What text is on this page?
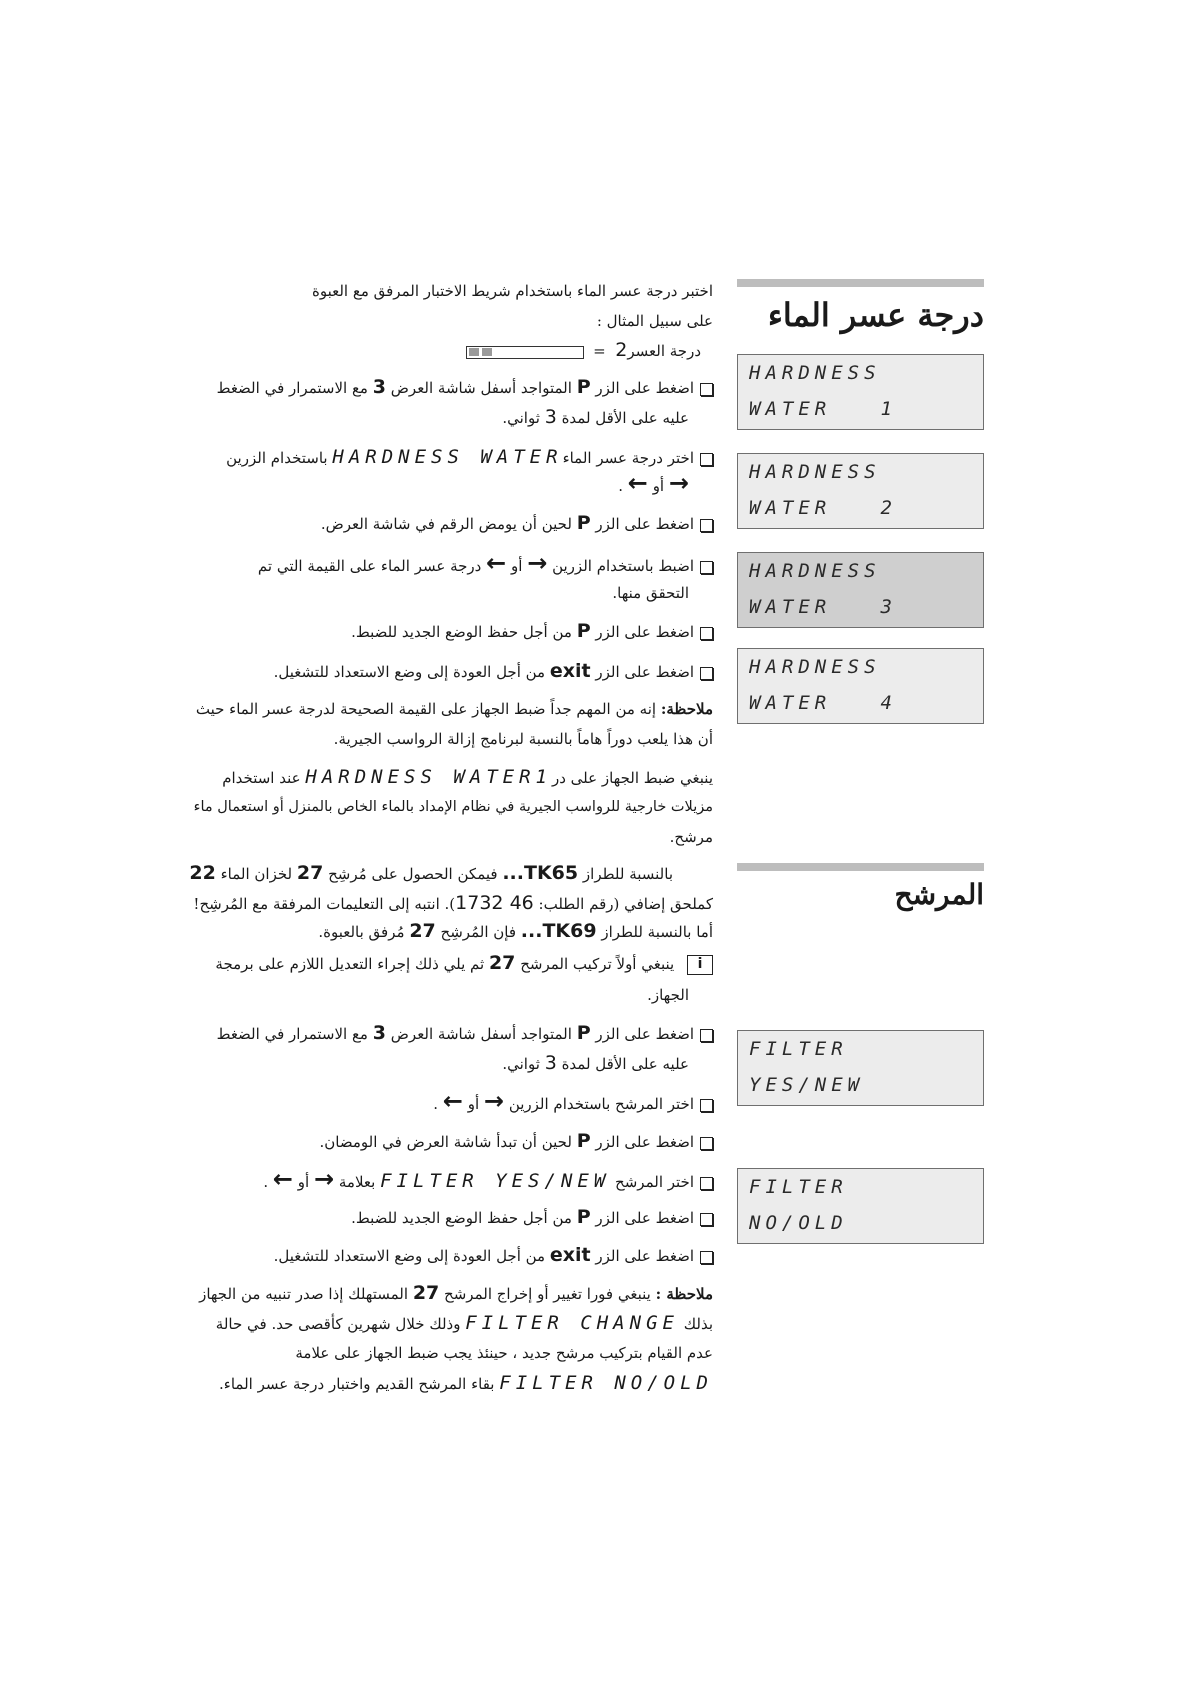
درجة عسر الماء
HARDNESS
WATER   1
HARDNESS
WATER   2
HARDNESS
WATER   3
HARDNESS
WATER   4
المرشح
FILTER
YES/NEW
FILTER
NO/OLD
اختبر درجة عسر الماء باستخدام شريط الاختبار المرفق مع العبوة
على سبيل المثال :
درجة العسر2  =
اضغط على الزر P المتواجد أسفل شاشة العرض 3 مع الاستمرار في الضغط
عليه على الأقل لمدة 3 ثواني.
اختر درجة عسر الماءHARDNESS WATER باستخدام الزرين
→ أو ← .
اضغط على الزر P لحين أن يومض الرقم في شاشة العرض.
اضبط باستخدام الزرين → أو ← درجة عسر الماء على القيمة التي تم
التحقق منها.
اضغط على الزر P من أجل حفظ الوضع الجديد للضبط.
اضغط على الزر exit من أجل العودة إلى وضع الاستعداد للتشغيل.
ملاحظة: إنه من المهم جداً ضبط الجهاز على القيمة الصحيحة لدرجة عسر الماء حيث
أن هذا يلعب دوراً هاماً بالنسبة لبرنامج إزالة الرواسب الجيرية.
ينبغي ضبط الجهاز على درHARDNESS WATER1 عند استخدام
مزيلات خارجية للرواسب الجيرية في نظام الإمداد بالماء الخاص بالمنزل أو استعمال ماء
مرشح.
بالنسبة للطراز TK65... فيمكن الحصول على مُرشِح 27 لخزان الماء 22
كملحق إضافي (رقم الطلب: 46 1732). انتبه إلى التعليمات المرفقة مع المُرشِح!
أما بالنسبة للطراز TK69... فإن المُرشِح 27 مُرفق بالعبوة.
i ينبغي أولاً تركيب المرشح 27 ثم يلي ذلك إجراء التعديل اللازم على برمجة
الجهاز.
اضغط على الزر P المتواجد أسفل شاشة العرض 3 مع الاستمرار في الضغط
عليه على الأقل لمدة 3 ثواني.
اختر المرشح باستخدام الزرين → أو ← .
اضغط على الزر P لحين أن تبدأ شاشة العرض في الومضان.
اختر المرشح FILTER YES/NEW بعلامة → أو ← .
اضغط على الزر P من أجل حفظ الوضع الجديد للضبط.
اضغط على الزر exit من أجل العودة إلى وضع الاستعداد للتشغيل.
ملاحظة : ينبغي فورا تغيير أو إخراج المرشح 27 المستهلك إذا صدر تنبيه من الجهاز
بذلك FILTER CHANGE وذلك خلال شهرين كأقصى حد. في حالة
عدم القيام بتركيب مرشح جديد ، حينئذ يجب ضبط الجهاز على علامة
FILTER NO/OLD بقاء المرشح القديم واختبار درجة عسر الماء.
